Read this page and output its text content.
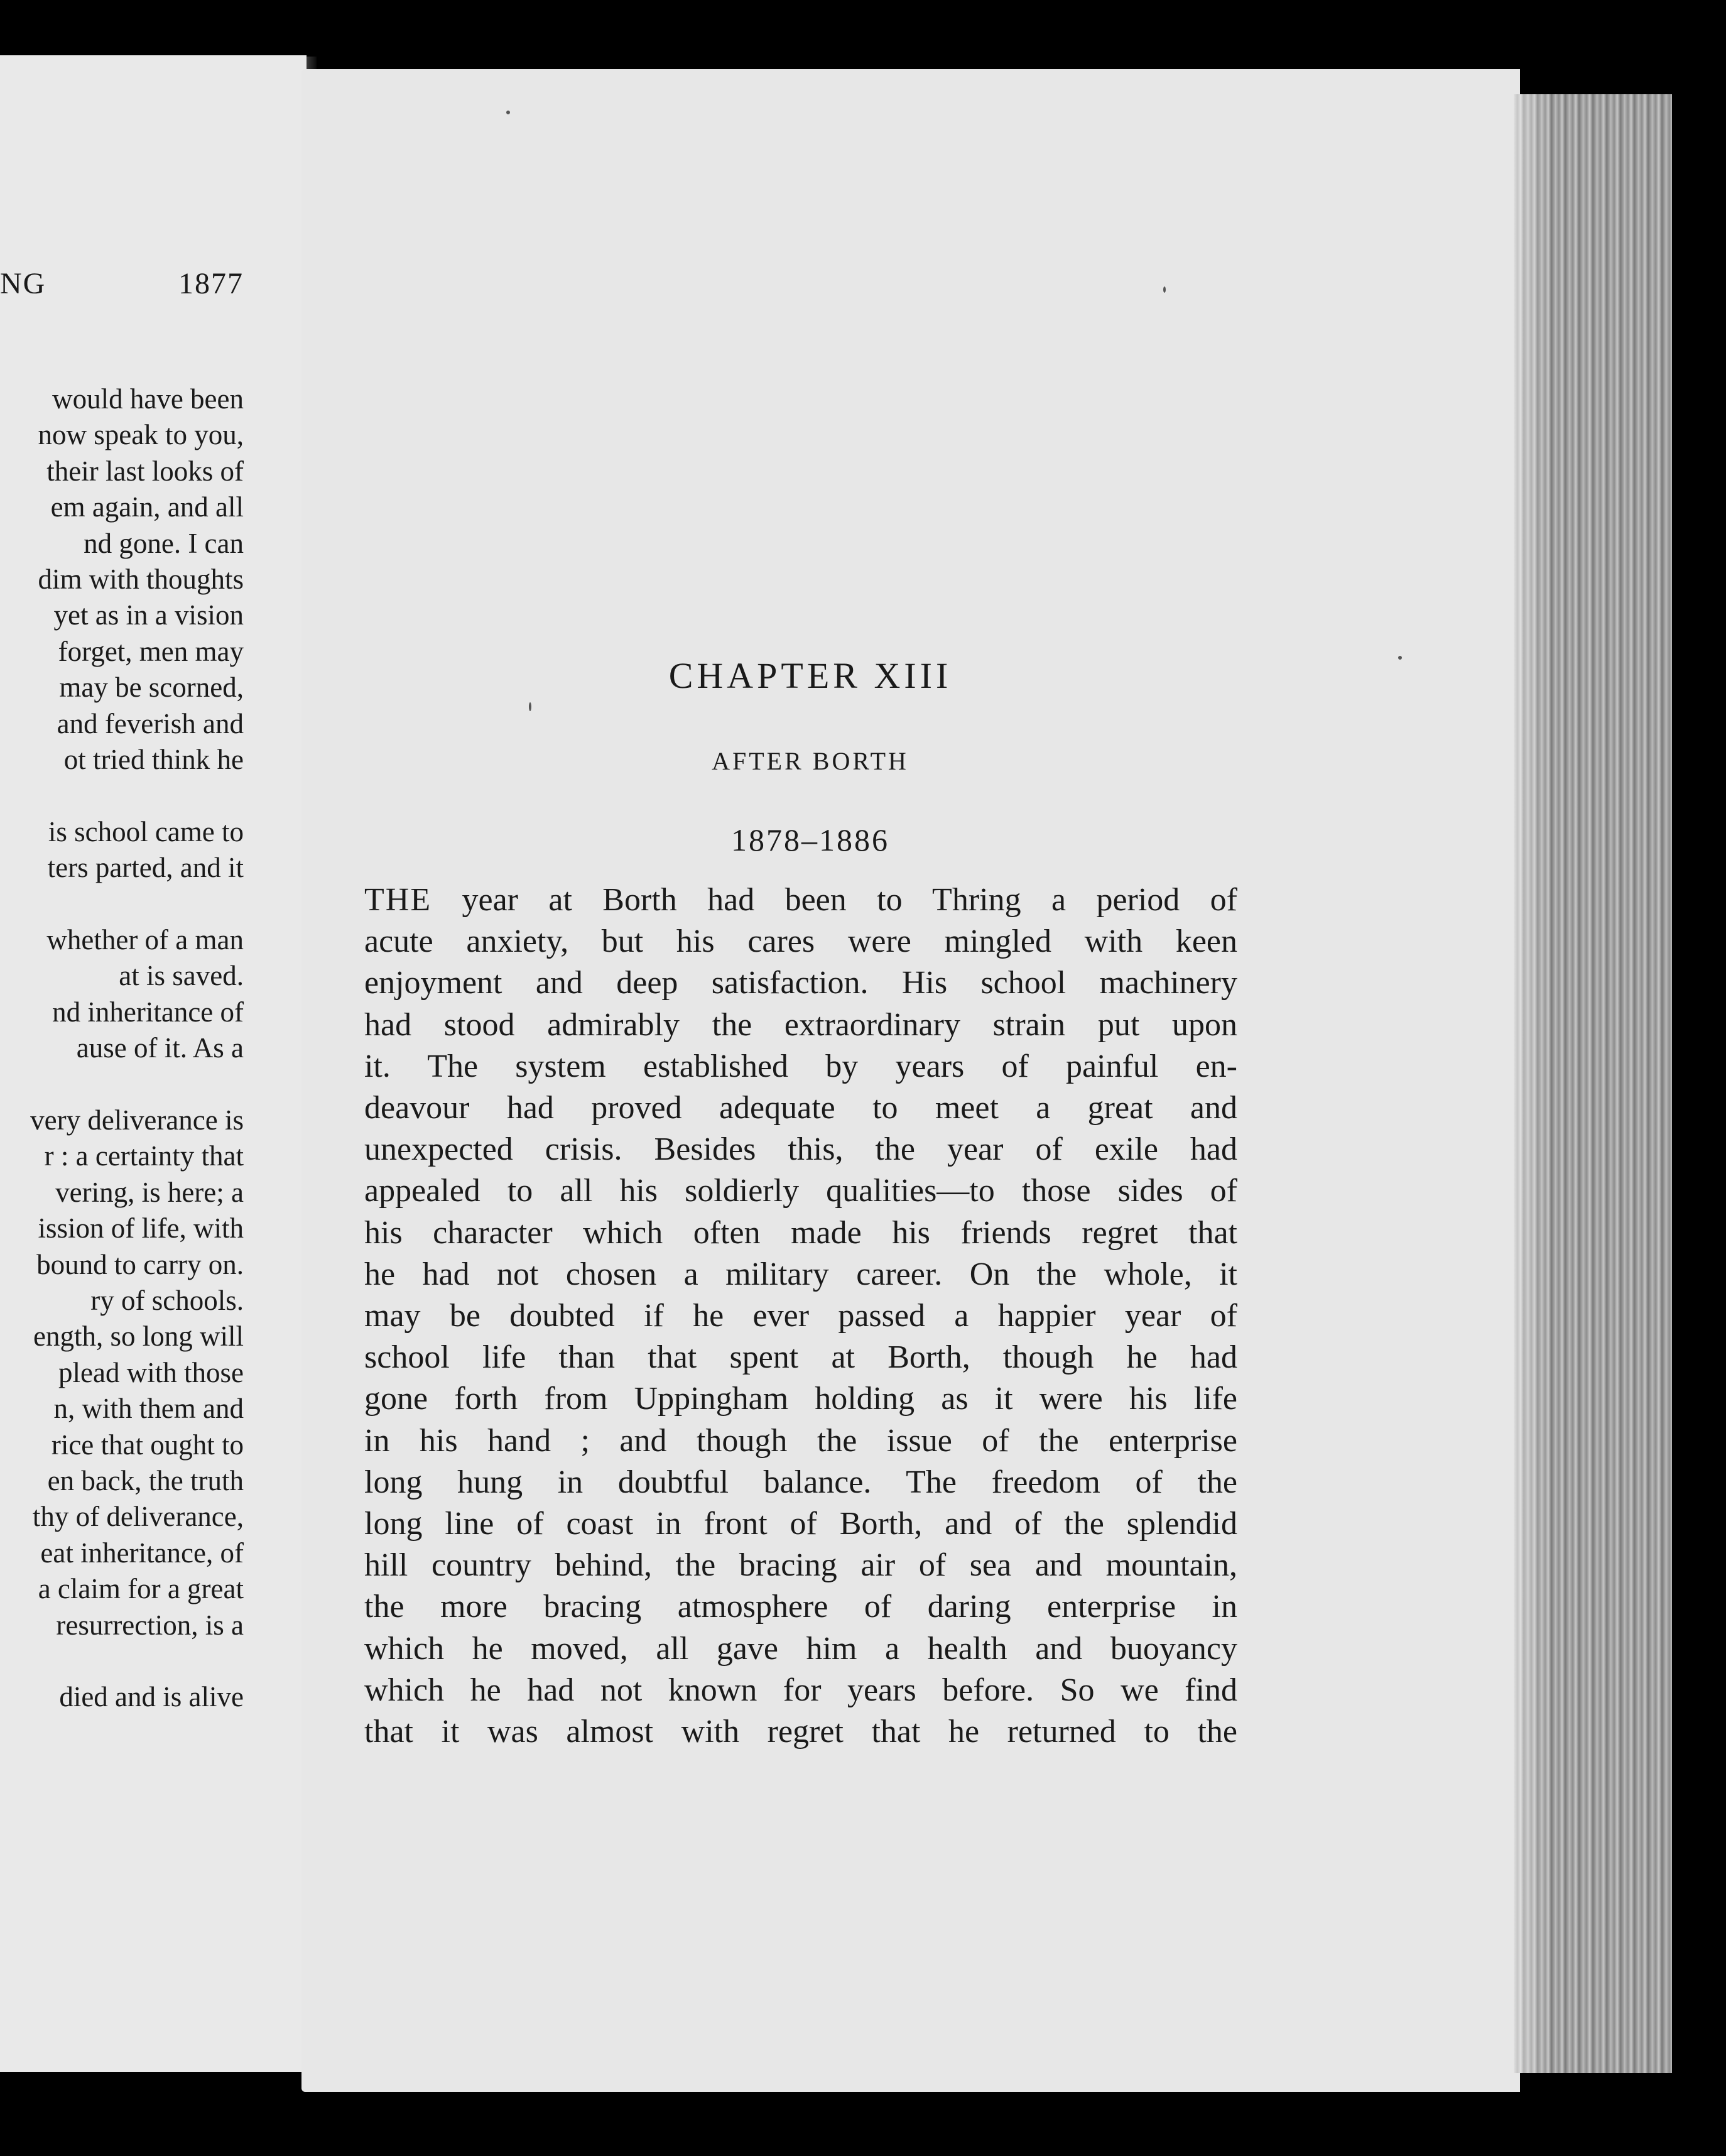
NG	1877
would have been
now speak to you,
their last looks of
em again, and all
nd gone. I can
dim with thoughts
yet as in a vision
forget, men may
may be scorned,
and feverish and
ot tried think he
is school came to
ters parted, and it
whether of a man
at is saved.
nd inheritance of
ause of it. As a
very deliverance is
r : a certainty that
vering, is here; a
ission of life, with
bound to carry on.
ry of schools.
ength, so long will
plead with those
n, with them and
rice that ought to
en back, the truth
thy of deliverance,
eat inheritance, of
a claim for a great
resurrection, is a
died and is alive
CHAPTER XIII
AFTER BORTH
1878–1886
THE year at Borth had been to Thring a period of
acute anxiety, but his cares were mingled with keen
enjoyment and deep satisfaction. His school machinery
had stood admirably the extraordinary strain put upon
it. The system established by years of painful en-
deavour had proved adequate to meet a great and
unexpected crisis. Besides this, the year of exile had
appealed to all his soldierly qualities—to those sides of
his character which often made his friends regret that
he had not chosen a military career. On the whole, it
may be doubted if he ever passed a happier year of
school life than that spent at Borth, though he had
gone forth from Uppingham holding as it were his life
in his hand ; and though the issue of the enterprise
long hung in doubtful balance. The freedom of the
long line of coast in front of Borth, and of the splendid
hill country behind, the bracing air of sea and mountain,
the more bracing atmosphere of daring enterprise in
which he moved, all gave him a health and buoyancy
which he had not known for years before. So we find
that it was almost with regret that he returned to the
